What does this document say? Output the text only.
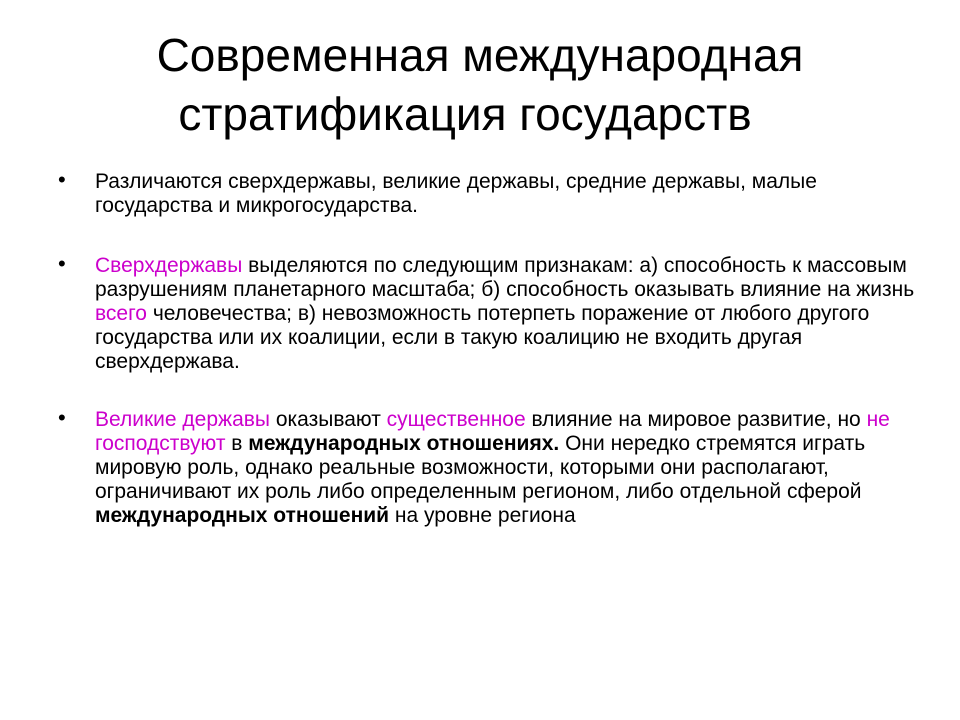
Современная международная
стратификация государств
• Различаются сверхдержавы, великие державы, средние державы, малые государства и микрогосударства.
• Сверхдержавы выделяются по следующим признакам: а) способность к массовым разрушениям планетарного масштаба; б) способность оказывать влияние на жизнь всего человечества; в) невозможность потерпеть поражение от любого другого государства или их коалиции, если в такую коалицию не входить другая сверхдержава.
• Великие державы оказывают существенное влияние на мировое развитие, но не господствуют в международных отношениях. Они нередко стремятся играть мировую роль, однако реальные возможности, которыми они располагают, ограничивают их роль либо определенным регионом, либо отдельной сферой международных отношений на уровне региона
